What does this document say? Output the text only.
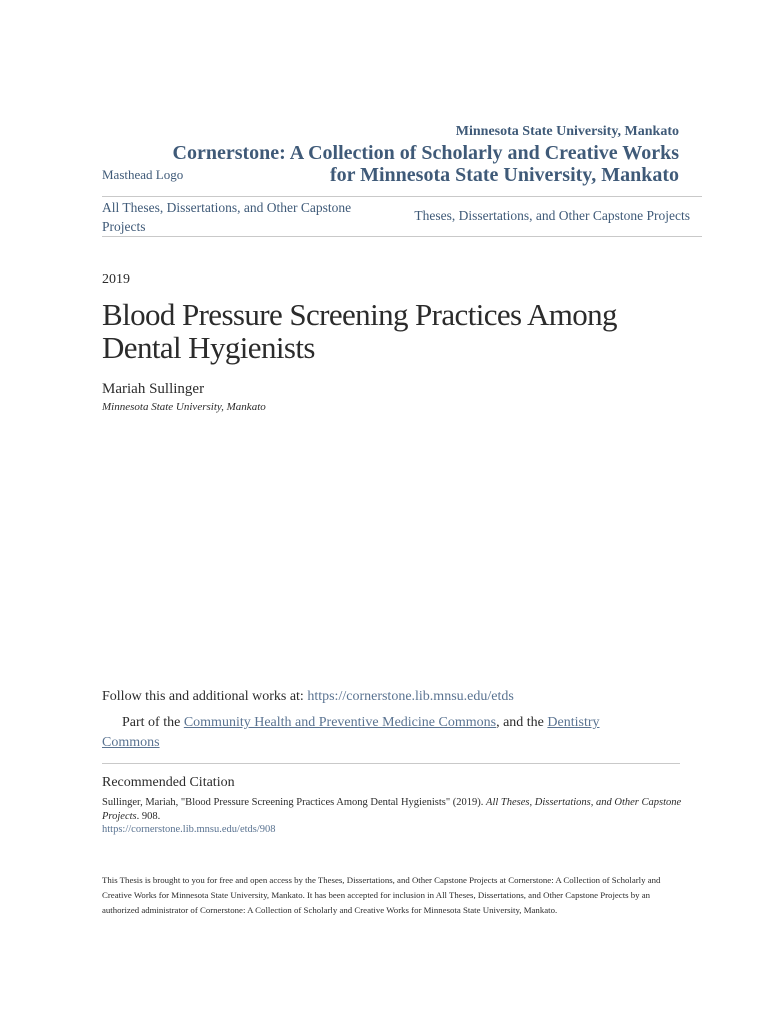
Minnesota State University, Mankato
Cornerstone: A Collection of Scholarly and Creative Works for Minnesota State University, Mankato
Masthead Logo
All Theses, Dissertations, and Other Capstone Projects
Theses, Dissertations, and Other Capstone Projects
2019
Blood Pressure Screening Practices Among Dental Hygienists
Mariah Sullinger
Minnesota State University, Mankato
Follow this and additional works at: https://cornerstone.lib.mnsu.edu/etds
Part of the Community Health and Preventive Medicine Commons, and the Dentistry Commons
Recommended Citation
Sullinger, Mariah, "Blood Pressure Screening Practices Among Dental Hygienists" (2019). All Theses, Dissertations, and Other Capstone Projects. 908.
https://cornerstone.lib.mnsu.edu/etds/908
This Thesis is brought to you for free and open access by the Theses, Dissertations, and Other Capstone Projects at Cornerstone: A Collection of Scholarly and Creative Works for Minnesota State University, Mankato. It has been accepted for inclusion in All Theses, Dissertations, and Other Capstone Projects by an authorized administrator of Cornerstone: A Collection of Scholarly and Creative Works for Minnesota State University, Mankato.
